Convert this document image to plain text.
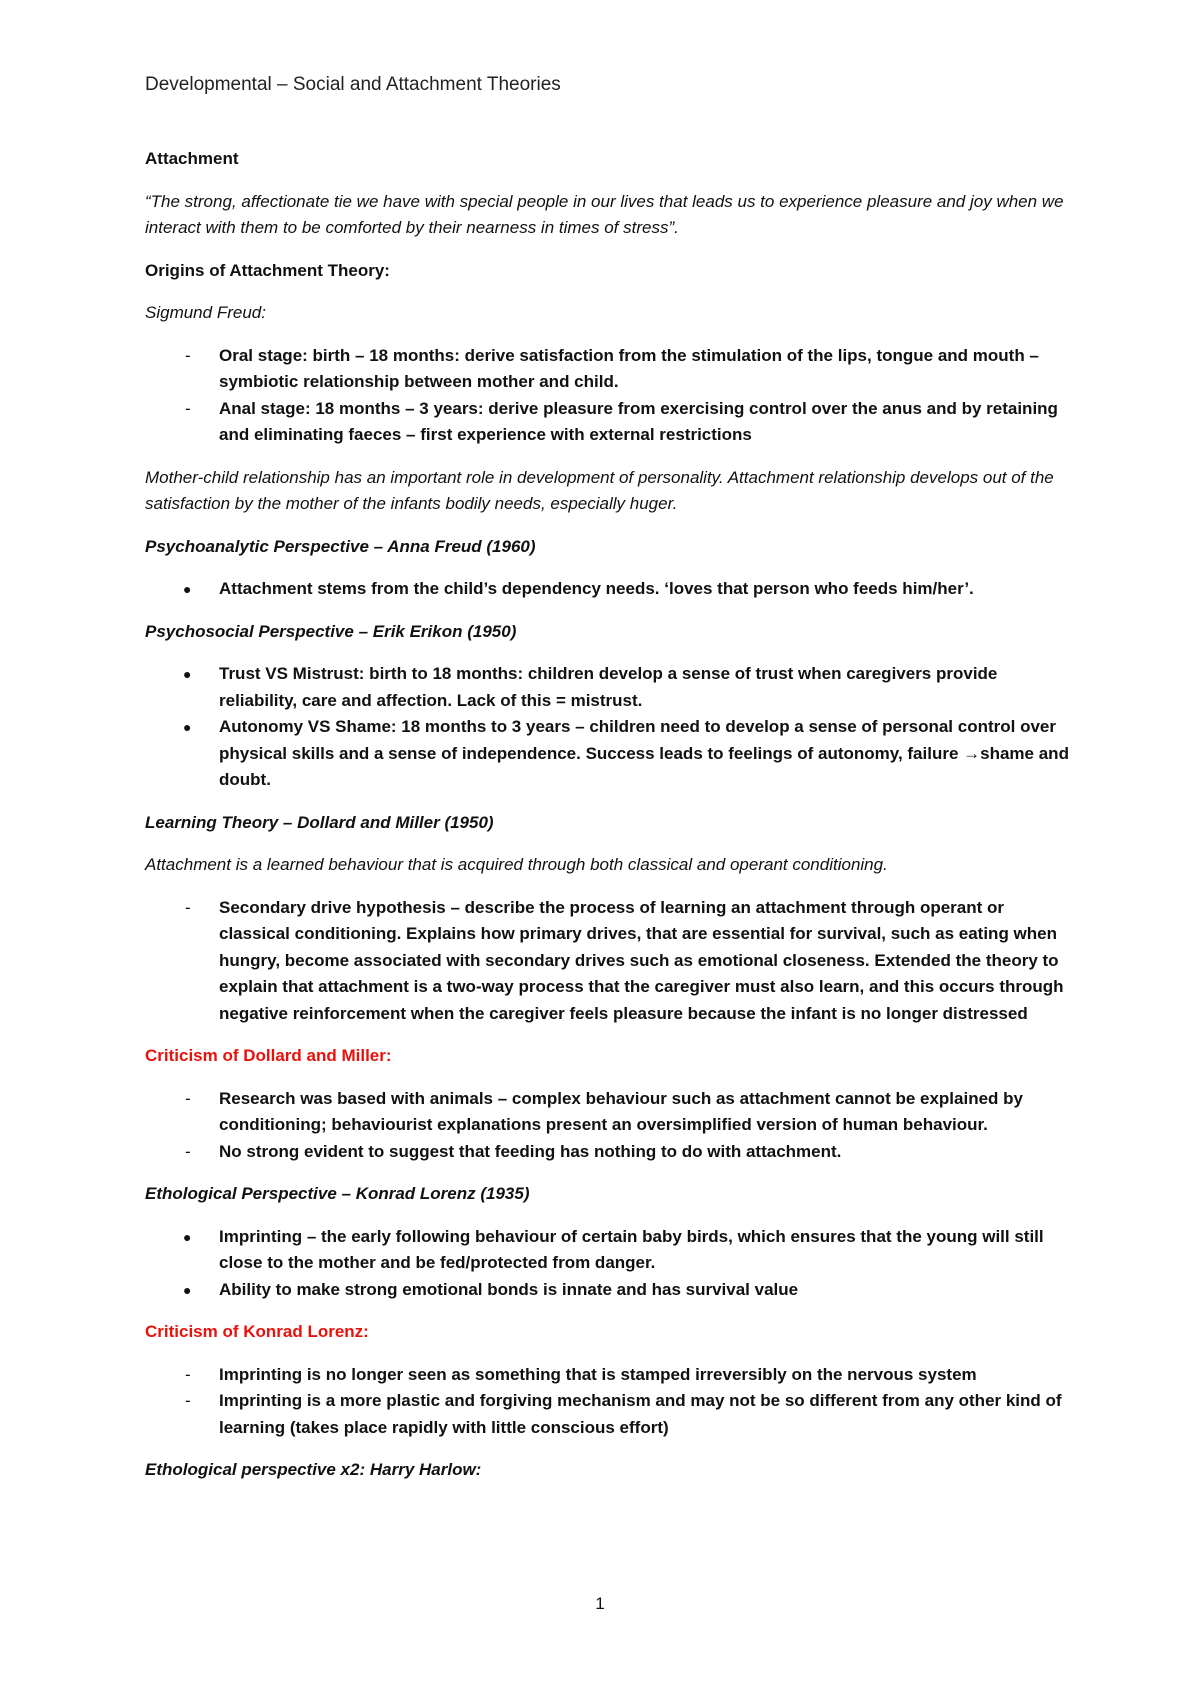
Developmental – Social and Attachment Theories

Attachment

“The strong, affectionate tie we have with special people in our lives that leads us to experience pleasure and joy when we interact with them to be comforted by their nearness in times of stress”.

Origins of Attachment Theory:

Sigmund Freud:

- Oral stage: birth – 18 months: derive satisfaction from the stimulation of the lips, tongue and mouth – symbiotic relationship between mother and child.
- Anal stage: 18 months – 3 years: derive pleasure from exercising control over the anus and by retaining and eliminating faeces – first experience with external restrictions

Mother-child relationship has an important role in development of personality. Attachment relationship develops out of the satisfaction by the mother of the infants bodily needs, especially huger.

Psychoanalytic Perspective – Anna Freud (1960)

● Attachment stems from the child’s dependency needs. ‘loves that person who feeds him/her’.

Psychosocial Perspective – Erik Erikon (1950)

● Trust VS Mistrust: birth to 18 months: children develop a sense of trust when caregivers provide reliability, care and affection. Lack of this = mistrust.
● Autonomy VS Shame: 18 months to 3 years – children need to develop a sense of personal control over physical skills and a sense of independence. Success leads to feelings of autonomy, failure →shame and doubt.

Learning Theory – Dollard and Miller (1950)

Attachment is a learned behaviour that is acquired through both classical and operant conditioning.

- Secondary drive hypothesis – describe the process of learning an attachment through operant or classical conditioning. Explains how primary drives, that are essential for survival, such as eating when hungry, become associated with secondary drives such as emotional closeness. Extended the theory to explain that attachment is a two-way process that the caregiver must also learn, and this occurs through negative reinforcement when the caregiver feels pleasure because the infant is no longer distressed

Criticism of Dollard and Miller:

- Research was based with animals – complex behaviour such as attachment cannot be explained by conditioning; behaviourist explanations present an oversimplified version of human behaviour.
- No strong evident to suggest that feeding has nothing to do with attachment.

Ethological Perspective – Konrad Lorenz (1935)

● Imprinting – the early following behaviour of certain baby birds, which ensures that the young will still close to the mother and be fed/protected from danger.
● Ability to make strong emotional bonds is innate and has survival value

Criticism of Konrad Lorenz:

- Imprinting is no longer seen as something that is stamped irreversibly on the nervous system
- Imprinting is a more plastic and forgiving mechanism and may not be so different from any other kind of learning (takes place rapidly with little conscious effort)

Ethological perspective x2: Harry Harlow:

1
